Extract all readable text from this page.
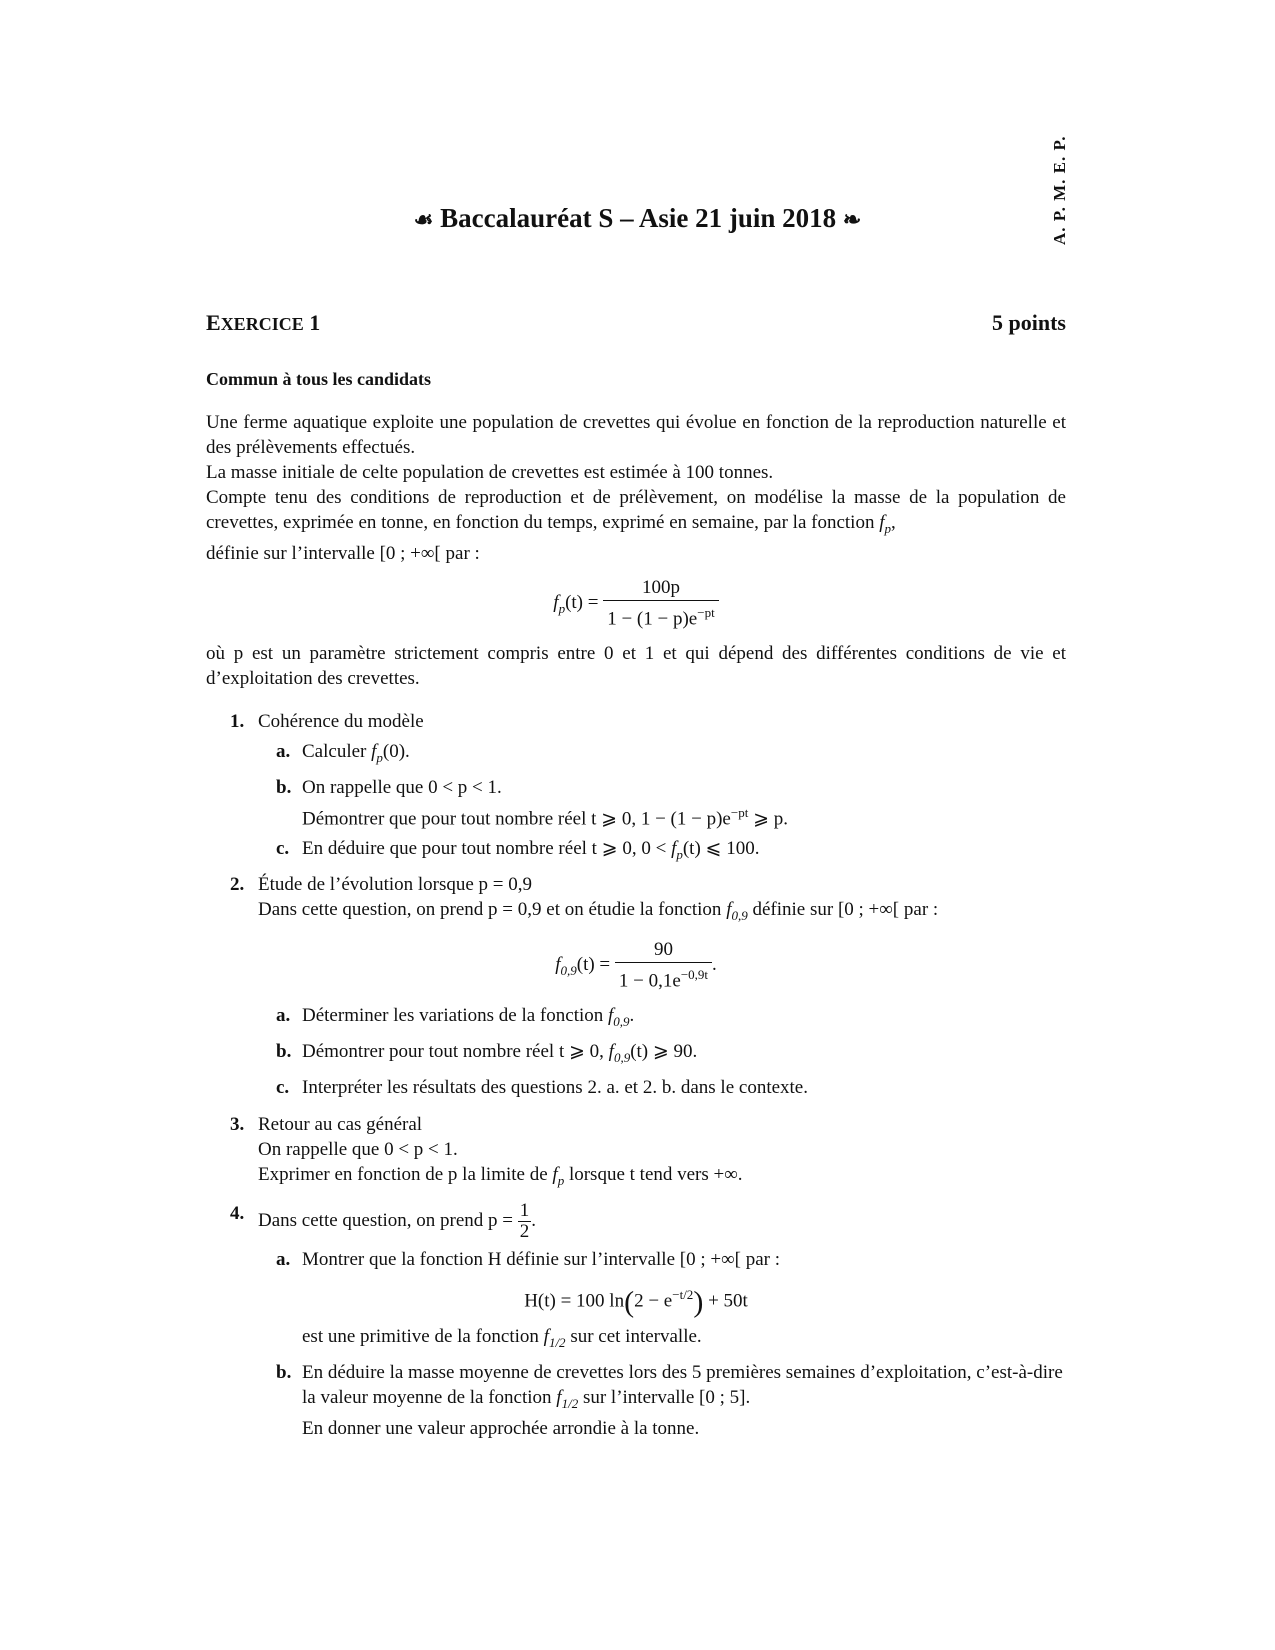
☙ Baccalauréat S – Asie 21 juin 2018 ❧	A. P. M. E. P.
EXERCICE 1	5 points
Commun à tous les candidats

Une ferme aquatique exploite une population de crevettes qui évolue en fonction de la reproduction naturelle et des prélèvements effectués.

La masse initiale de celte population de crevettes est estimée à 100 tonnes.

Compte tenu des conditions de reproduction et de prélèvement, on modélise la masse de la population de crevettes, exprimée en tonne, en fonction du temps, exprimé en semaine, par la fonction $f_p$,
définie sur l’intervalle [0 ; +∞[ par :

$f_p(t) = \frac{100p}{1 - (1 - p)e^{-pt}}$

où p est un paramètre strictement compris entre 0 et 1 et qui dépend des différentes conditions de vie et d’exploitation des crevettes.

1. Cohérence du modèle
a. Calculer $f_p(0)$.
b. On rappelle que 0 < p < 1.
Démontrer que pour tout nombre réel t ⩾ 0, $1 - (1 - p)e^{-pt}$ ⩾ p.
c. En déduire que pour tout nombre réel t ⩾ 0, $0 < f_p(t)$ ⩽ 100.
2. Étude de l’évolution lorsque p = 0,9
Dans cette question, on prend p = 0,9 et on étudie la fonction $f_{0,9}$ définie sur [0 ; +∞[ par :
$f_{0,9}(t) = \frac{90}{1 - 0,1e^{-0,9t}}$ .
a. Déterminer les variations de la fonction $f_{0,9}$.
b. Démontrer pour tout nombre réel t ⩾ 0, $f_{0,9}(t)$ ⩾ 90.
c. Interpréter les résultats des questions 2. a. et 2. b. dans le contexte.
3. Retour au cas général
On rappelle que 0 < p < 1.
Exprimer en fonction de p la limite de $f_p$ lorsque t tend vers +∞.
4. Dans cette question, on prend $p = \frac{1}{2}$ .
a. Montrer que la fonction H définie sur l’intervalle [0 ; +∞[ par :
H(t) = 100 $\ln(2 - e^{-t/2}) + 50t$
est une primitive de la fonction $f_{1/2}$ sur cet intervalle.
b. En déduire la masse moyenne de crevettes lors des 5 premières semaines d’exploitation, c’est-à-dire la valeur moyenne de la fonction $f_{1/2}$ sur l’intervalle [0 ; 5].
En donner une valeur approchée arrondie à la tonne.
